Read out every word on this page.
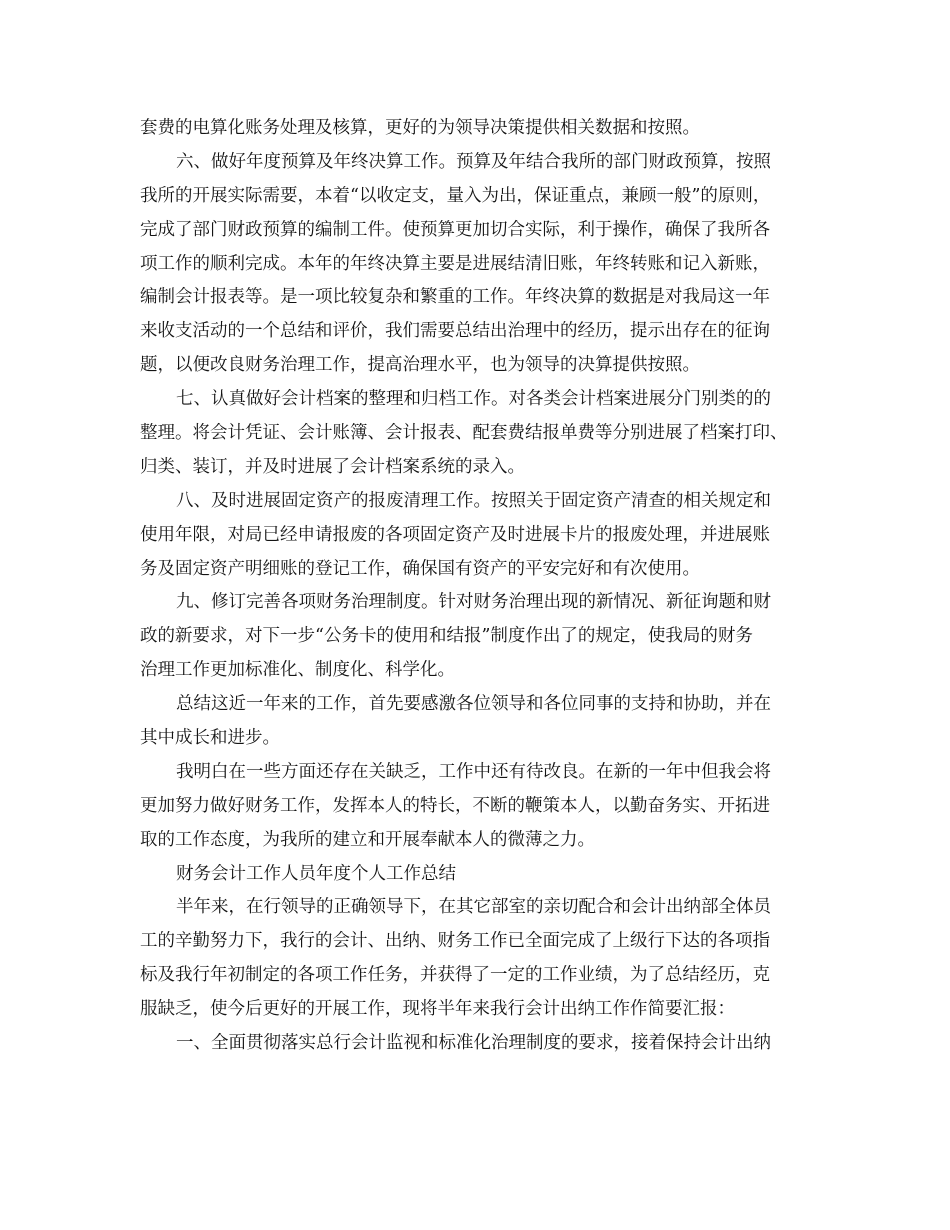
套费的电算化账务处理及核算，更好的为领导决策提供相关数据和按照。
六、做好年度预算及年终决算工作。预算及年结合我所的部门财政预算，按照
我所的开展实际需要，本着“以收定支，量入为出，保证重点，兼顾一般”的原则，
完成了部门财政预算的编制工件。使预算更加切合实际，利于操作，确保了我所各
项工作的顺利完成。本年的年终决算主要是进展结清旧账，年终转账和记入新账，
编制会计报表等。是一项比较复杂和繁重的工作。年终决算的数据是对我局这一年
来收支活动的一个总结和评价，我们需要总结出治理中的经历，提示出存在的征询
题，以便改良财务治理工作，提高治理水平，也为领导的决算提供按照。
七、认真做好会计档案的整理和归档工作。对各类会计档案进展分门别类的的
整理。将会计凭证、会计账簿、会计报表、配套费结报单费等分别进展了档案打印、
归类、装订，并及时进展了会计档案系统的录入。
八、及时进展固定资产的报废清理工作。按照关于固定资产清查的相关规定和
使用年限，对局已经申请报废的各项固定资产及时进展卡片的报废处理，并进展账
务及固定资产明细账的登记工作，确保国有资产的平安完好和有次使用。
九、修订完善各项财务治理制度。针对财务治理出现的新情况、新征询题和财
政的新要求，对下一步“公务卡的使用和结报”制度作出了的规定，使我局的财务
治理工作更加标准化、制度化、科学化。
总结这近一年来的工作，首先要感激各位领导和各位同事的支持和协助，并在
其中成长和进步。
我明白在一些方面还存在关缺乏，工作中还有待改良。在新的一年中但我会将
更加努力做好财务工作，发挥本人的特长，不断的鞭策本人，以勤奋务实、开拓进
取的工作态度，为我所的建立和开展奉献本人的微薄之力。
财务会计工作人员年度个人工作总结
半年来，在行领导的正确领导下，在其它部室的亲切配合和会计出纳部全体员
工的辛勤努力下，我行的会计、出纳、财务工作已全面完成了上级行下达的各项指
标及我行年初制定的各项工作任务，并获得了一定的工作业绩，为了总结经历，克
服缺乏，使今后更好的开展工作，现将半年来我行会计出纳工作作简要汇报：
一、全面贯彻落实总行会计监视和标准化治理制度的要求，接着保持会计出纳
